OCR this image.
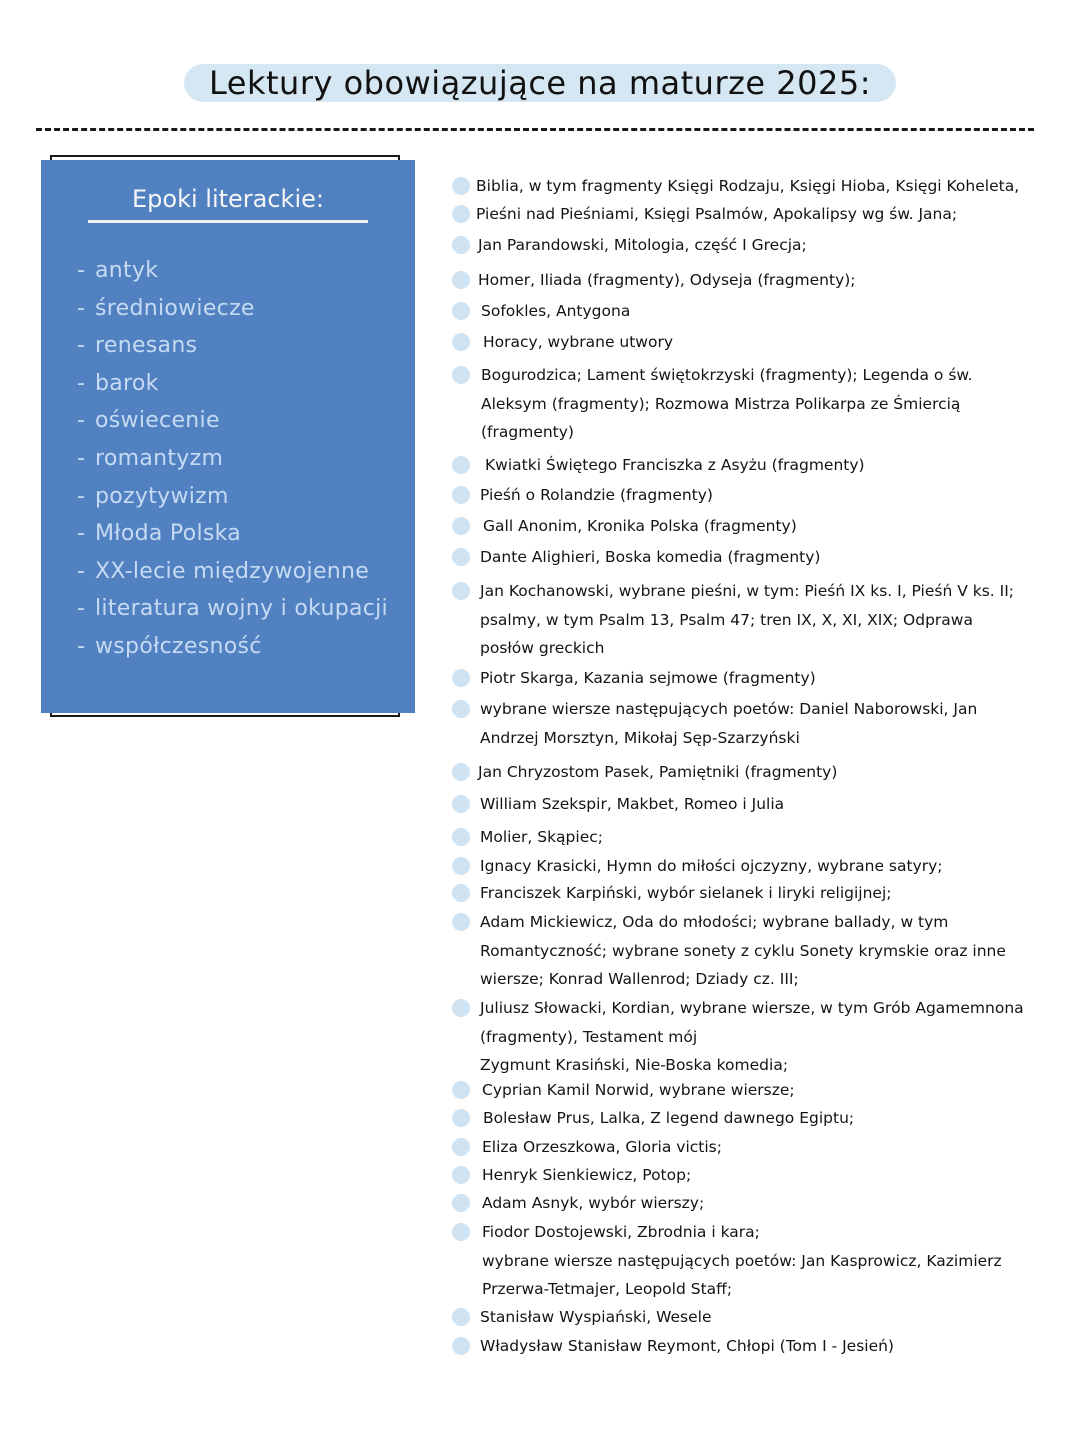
Lektury obowiązujące na maturze 2025:
Epoki literackie:
- antyk
- średniowiecze
- renesans
- barok
- oświecenie
- romantyzm
- pozytywizm
- Młoda Polska
- XX-lecie międzywojenne
- literatura wojny i okupacji
- współczesność
Biblia, w tym fragmenty Księgi Rodzaju, Księgi Hioba, Księgi Koheleta,
Pieśni nad Pieśniami, Księgi Psalmów, Apokalipsy wg św. Jana;
Jan Parandowski, Mitologia, część I Grecja;
Homer, Iliada (fragmenty), Odyseja (fragmenty);
Sofokles, Antygona
Horacy, wybrane utwory
Bogurodzica; Lament świętokrzyski (fragmenty); Legenda o św.
Aleksym (fragmenty); Rozmowa Mistrza Polikarpa ze Śmiercią
(fragmenty)
Kwiatki Świętego Franciszka z Asyżu (fragmenty)
Pieśń o Rolandzie (fragmenty)
Gall Anonim, Kronika Polska (fragmenty)
Dante Alighieri, Boska komedia (fragmenty)
Jan Kochanowski, wybrane pieśni, w tym: Pieśń IX ks. I, Pieśń V ks. II;
psalmy, w tym Psalm 13, Psalm 47; tren IX, X, XI, XIX; Odprawa
posłów greckich
Piotr Skarga, Kazania sejmowe (fragmenty)
wybrane wiersze następujących poetów: Daniel Naborowski, Jan
Andrzej Morsztyn, Mikołaj Sęp-Szarzyński
Jan Chryzostom Pasek, Pamiętniki (fragmenty)
William Szekspir, Makbet, Romeo i Julia
Molier, Skąpiec;
Ignacy Krasicki, Hymn do miłości ojczyzny, wybrane satyry;
Franciszek Karpiński, wybór sielanek i liryki religijnej;
Adam Mickiewicz, Oda do młodości; wybrane ballady, w tym
Romantyczność; wybrane sonety z cyklu Sonety krymskie oraz inne
wiersze; Konrad Wallenrod; Dziady cz. III;
Juliusz Słowacki, Kordian, wybrane wiersze, w tym Grób Agamemnona
(fragmenty), Testament mój
Zygmunt Krasiński, Nie-Boska komedia;
Cyprian Kamil Norwid, wybrane wiersze;
Bolesław Prus, Lalka, Z legend dawnego Egiptu;
Eliza Orzeszkowa, Gloria victis;
Henryk Sienkiewicz, Potop;
Adam Asnyk, wybór wierszy;
Fiodor Dostojewski, Zbrodnia i kara;
wybrane wiersze następujących poetów: Jan Kasprowicz, Kazimierz
Przerwa-Tetmajer, Leopold Staff;
Stanisław Wyspiański, Wesele
Władysław Stanisław Reymont, Chłopi (Tom I - Jesień)
